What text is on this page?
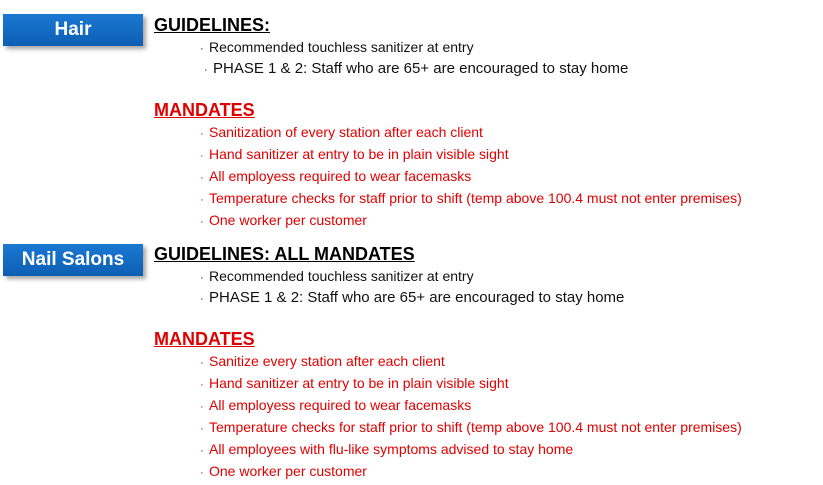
Hair	GUIDELINES:
· Recommended touchless sanitizer at entry
· PHASE 1 & 2: Staff who are 65+ are encouraged to stay home
MANDATES
· Sanitization of every station after each client
· Hand sanitizer at entry to be in plain visible sight
· All employess required to wear facemasks
· Temperature checks for staff prior to shift (temp above 100.4 must not enter premises)
· One worker per customer
Nail Salons	GUIDELINES: ALL MANDATES
· Recommended touchless sanitizer at entry
· PHASE 1 & 2: Staff who are 65+ are encouraged to stay home
MANDATES
· Sanitize every station after each client
· Hand sanitizer at entry to be in plain visible sight
· All employess required to wear facemasks
· Temperature checks for staff prior to shift (temp above 100.4 must not enter premises)
· All employees with flu-like symptoms advised to stay home
· One worker per customer
